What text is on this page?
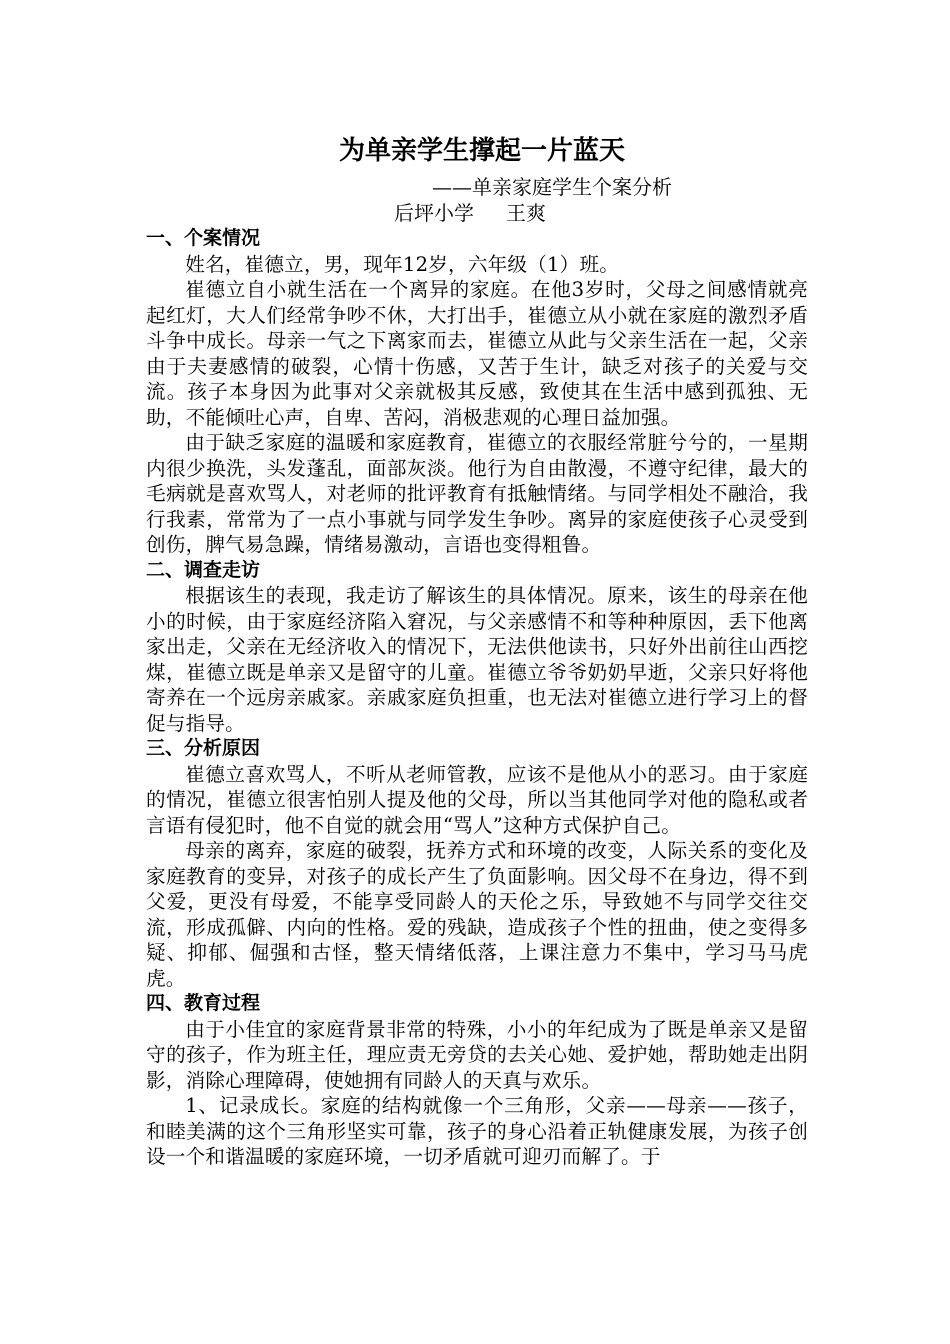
为单亲学生撑起一片蓝天
——单亲家庭学生个案分析
后坪小学 王爽
一、个案情况

姓名，崔德立，男，现年12岁，六年级（1）班。

崔德立自小就生活在一个离异的家庭。在他3岁时，父母之间感情就亮起红灯，大人们经常争吵不休，大打出手，崔德立从小就在家庭的激烈矛盾斗争中成长。母亲一气之下离家而去，崔德立从此与父亲生活在一起，父亲由于夫妻感情的破裂，心情十伤感，又苦于生计，缺乏对孩子的关爱与交流。孩子本身因为此事对父亲就极其反感，致使其在生活中感到孤独、无助，不能倾吐心声，自卑、苦闷，消极悲观的心理日益加强。

由于缺乏家庭的温暖和家庭教育，崔德立的衣服经常脏兮兮的，一星期内很少换洗，头发蓬乱，面部灰淡。他行为自由散漫，不遵守纪律，最大的毛病就是喜欢骂人，对老师的批评教育有抵触情绪。与同学相处不融洽，我行我素，常常为了一点小事就与同学发生争吵。离异的家庭使孩子心灵受到创伤，脾气易急躁，情绪易激动，言语也变得粗鲁。

二、调查走访

根据该生的表现，我走访了解该生的具体情况。原来，该生的母亲在他小的时候，由于家庭经济陷入窘况，与父亲感情不和等种种原因，丢下他离家出走，父亲在无经济收入的情况下，无法供他读书，只好外出前往山西挖煤，崔德立既是单亲又是留守的儿童。崔德立爷爷奶奶早逝，父亲只好将他寄养在一个远房亲戚家。亲戚家庭负担重，也无法对崔德立进行学习上的督促与指导。

三、分析原因

崔德立喜欢骂人，不听从老师管教，应该不是他从小的恶习。由于家庭的情况，崔德立很害怕别人提及他的父母，所以当其他同学对他的隐私或者言语有侵犯时，他不自觉的就会用“骂人”这种方式保护自己。

母亲的离弃，家庭的破裂，抚养方式和环境的改变，人际关系的变化及家庭教育的变异，对孩子的成长产生了负面影响。因父母不在身边，得不到父爱，更没有母爱，不能享受同龄人的天伦之乐，导致她不与同学交往交流，形成孤僻、内向的性格。爱的残缺，造成孩子个性的扭曲，使之变得多疑、抑郁、倔强和古怪，整天情绪低落，上课注意力不集中，学习马马虎虎。

四、教育过程

由于小佳宜的家庭背景非常的特殊，小小的年纪成为了既是单亲又是留守的孩子，作为班主任，理应责无旁贷的去关心她、爱护她，帮助她走出阴影，消除心理障碍，使她拥有同龄人的天真与欢乐。

1、记录成长。家庭的结构就像一个三角形，父亲——母亲——孩子，和睦美满的这个三角形坚实可靠，孩子的身心沿着正轨健康发展，为孩子创设一个和谐温暖的家庭环境，一切矛盾就可迎刃而解了。于
